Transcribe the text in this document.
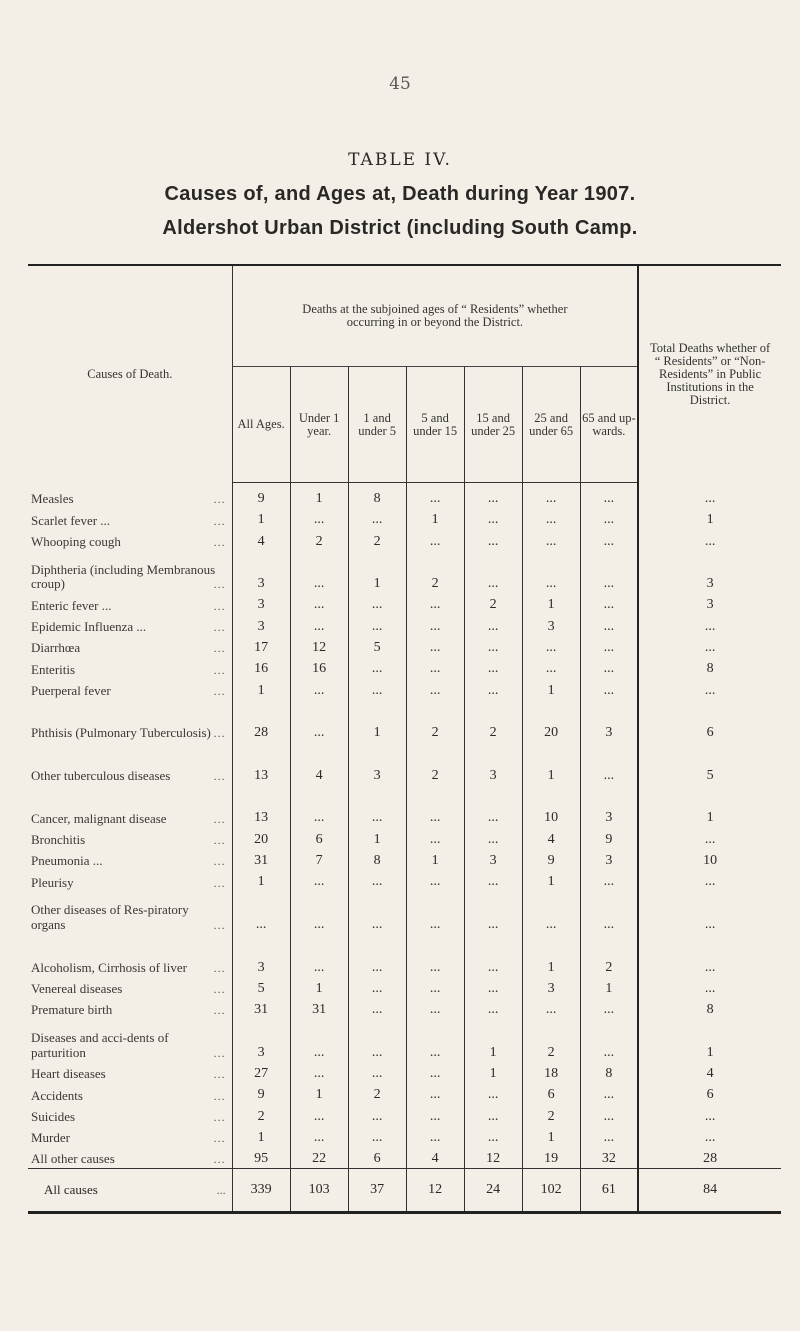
45
TABLE IV.
Causes of, and Ages at, Death during Year 1907.
Aldershot Urban District (including South Camp.
Causes of Death.	Deaths at the subjoined ages of “ Residents” whether occurring in or beyond the District.							Total Deaths whether of “ Residents” or “Non-Residents” in Public Institutions in the District.
	All Ages.	Under 1 year.	1 and under 5	5 and under 15	15 and under 25	25 and under 65	65 and up-wards.	

Measles ...	9	1	8	...	...	...	...	...

Scarlet fever ... ...	1	...	...	1	...	...	...	1

Whooping cough ...	4	2	2	...	...	...	...	...

Diphtheria (including Membranous croup) ...	3	...	1	2	...	...	...	3

Enteric fever ... ...	3	...	...	...	2	1	...	3

Epidemic Influenza ... ...	3	...	...	...	...	3	...	...

Diarrhœa ...	17	12	5	...	...	...	...	...

Enteritis ...	16	16	...	...	...	...	...	8

Puerperal fever ...	1	...	...	...	...	1	...	...

Phthisis (Pulmonary Tuberculosis) ...	28	...	1	2	2	20	3	6

Other tuberculous diseases ...	13	4	3	2	3	1	...	5

Cancer, malignant disease ...	13	...	...	...	...	10	3	1

Bronchitis ...	20	6	1	...	...	4	9	...

Pneumonia ... ...	31	7	8	1	3	9	3	10

Pleurisy ...	1	...	...	...	...	1	...	...

Other diseases of Res-piratory organs ...	...	...	...	...	...	...	...	...

Alcoholism, Cirrhosis of liver ...	3	...	...	...	...	1	2	...

Venereal diseases ...	5	1	...	...	...	3	1	...

Premature birth ...	31	31	...	...	...	...	...	8

Diseases and acci-dents of parturition ...	3	...	...	...	1	2	...	1

Heart diseases ...	27	...	...	...	1	18	8	4

Accidents ...	9	1	2	...	...	6	...	6

Suicides ...	2	...	...	...	...	2	...	...

Murder ...	1	...	...	...	...	1	...	...

All other causes ...	95	22	6	4	12	19	32	28
All causes ...	339	103	37	12	24	102	61	84
